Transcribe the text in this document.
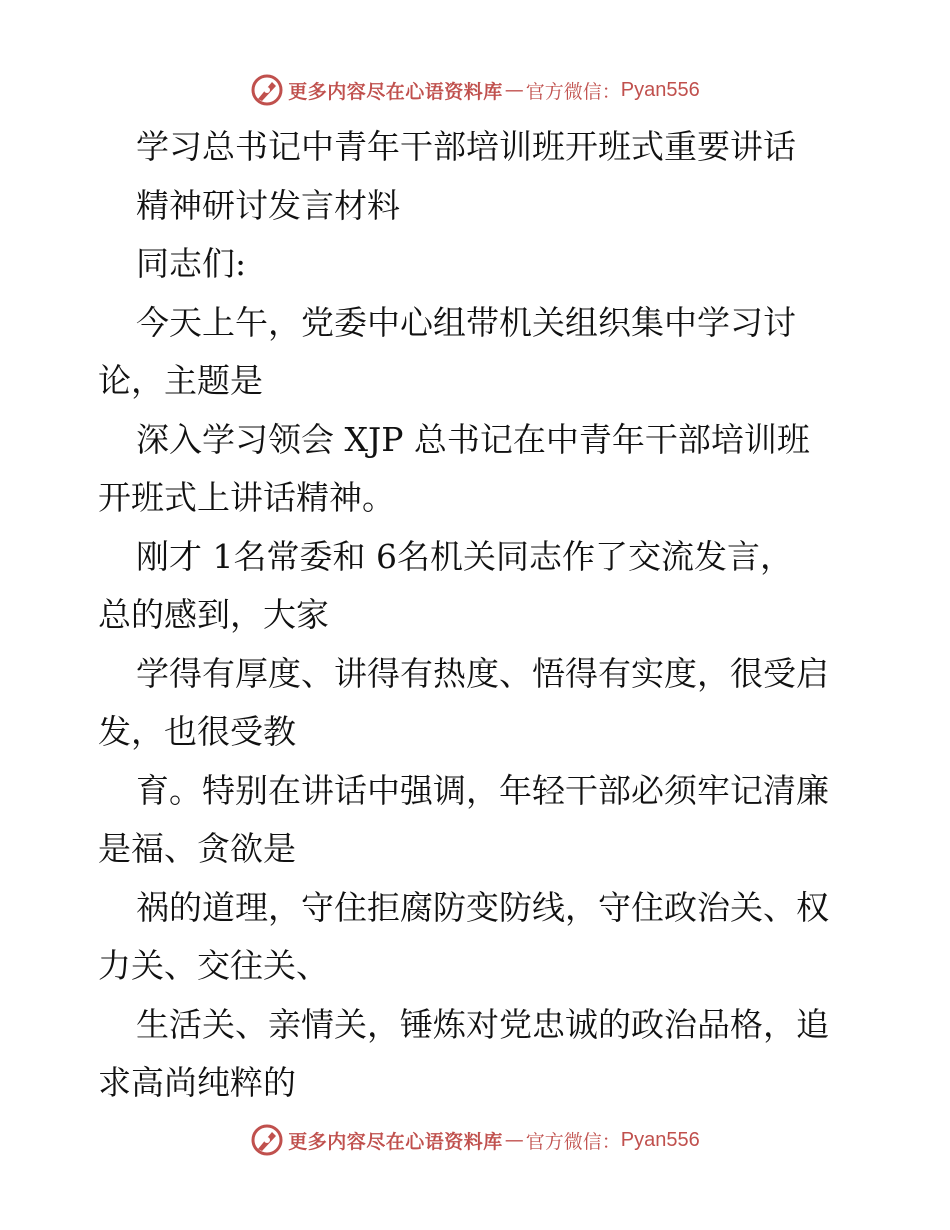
更多内容尽在心语资料库 — 官方微信： Pyan556
学习总书记中青年干部培训班开班式重要讲话
精神研讨发言材料
同志们:
今天上午，党委中心组带机关组织集中学习讨
论，主题是
深入学习领会 XJP 总书记在中青年干部培训班
开班式上讲话精神。
刚才 1名常委和 6名机关同志作了交流发言，
总的感到，大家
学得有厚度、讲得有热度、悟得有实度，很受启
发，也很受教
育。特别在讲话中强调，年轻干部必须牢记清廉
是福、贪欲是
祸的道理，守住拒腐防变防线，守住政治关、权
力关、交往关、
生活关、亲情关，锤炼对党忠诚的政治品格，追
求高尚纯粹的
更多内容尽在心语资料库 — 官方微信： Pyan556
